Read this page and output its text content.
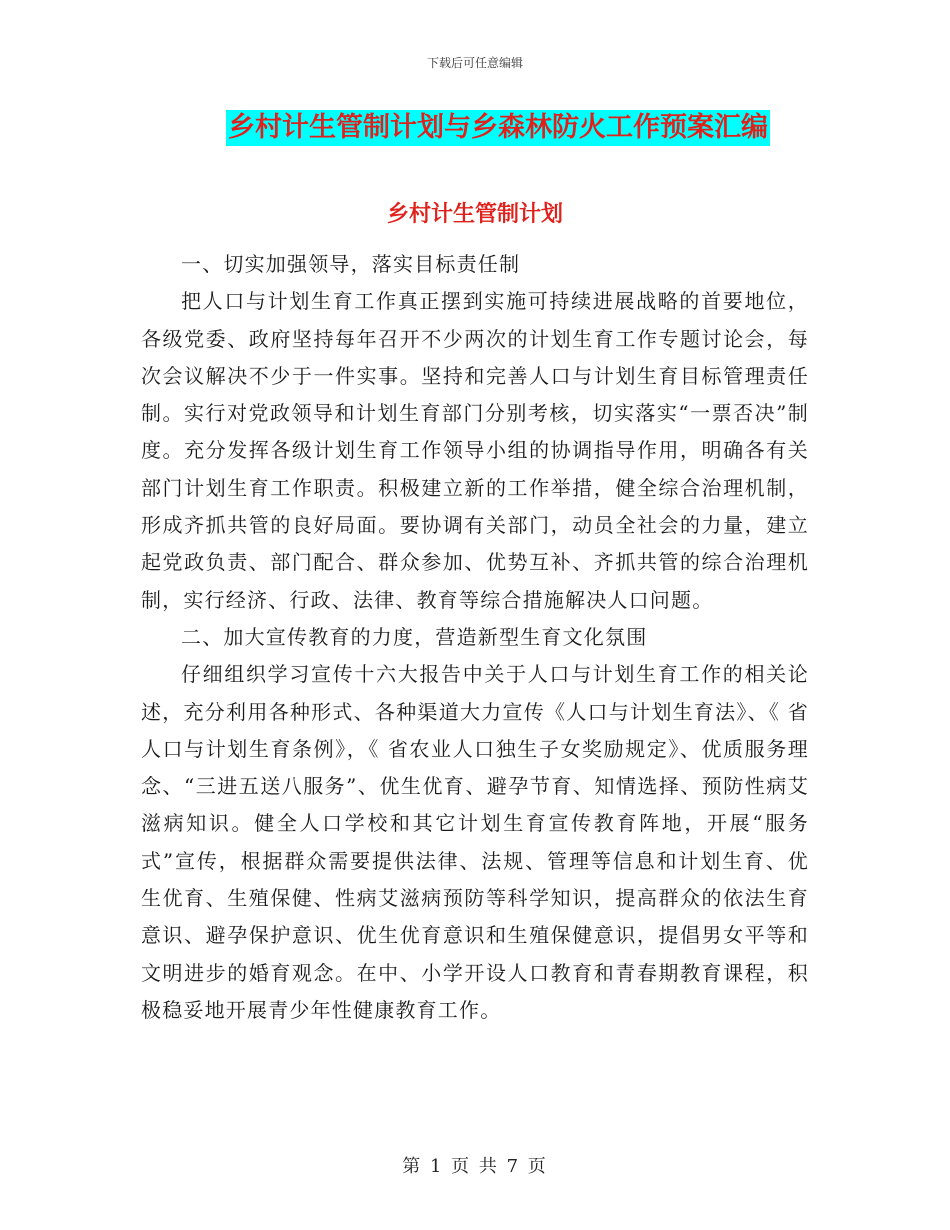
下载后可任意编辑
乡村计生管制计划与乡森林防火工作预案汇编
乡村计生管制计划

一、切实加强领导，落实目标责任制

把人口与计划生育工作真正摆到实施可持续进展战略的首要地位，各级党委、政府坚持每年召开不少两次的计划生育工作专题讨论会，每次会议解决不少于一件实事。坚持和完善人口与计划生育目标管理责任制。实行对党政领导和计划生育部门分别考核，切实落实“一票否决”制度。充分发挥各级计划生育工作领导小组的协调指导作用，明确各有关部门计划生育工作职责。积极建立新的工作举措，健全综合治理机制，形成齐抓共管的良好局面。要协调有关部门，动员全社会的力量，建立起党政负责、部门配合、群众参加、优势互补、齐抓共管的综合治理机制，实行经济、行政、法律、教育等综合措施解决人口问题。

二、加大宣传教育的力度，营造新型生育文化氛围

仔细组织学习宣传十六大报告中关于人口与计划生育工作的相关论述，充分利用各种形式、各种渠道大力宣传《人口与计划生育法》、《 省人口与计划生育条例》，《 省农业人口独生子女奖励规定》、优质服务理念、“三进五送八服务”、优生优育、避孕节育、知情选择、预防性病艾滋病知识。健全人口学校和其它计划生育宣传教育阵地，开展“服务式”宣传，根据群众需要提供法律、法规、管理等信息和计划生育、优生优育、生殖保健、性病艾滋病预防等科学知识，提高群众的依法生育意识、避孕保护意识、优生优育意识和生殖保健意识，提倡男女平等和文明进步的婚育观念。在中、小学开设人口教育和青春期教育课程，积极稳妥地开展青少年性健康教育工作。

第 1 页 共 7 页
